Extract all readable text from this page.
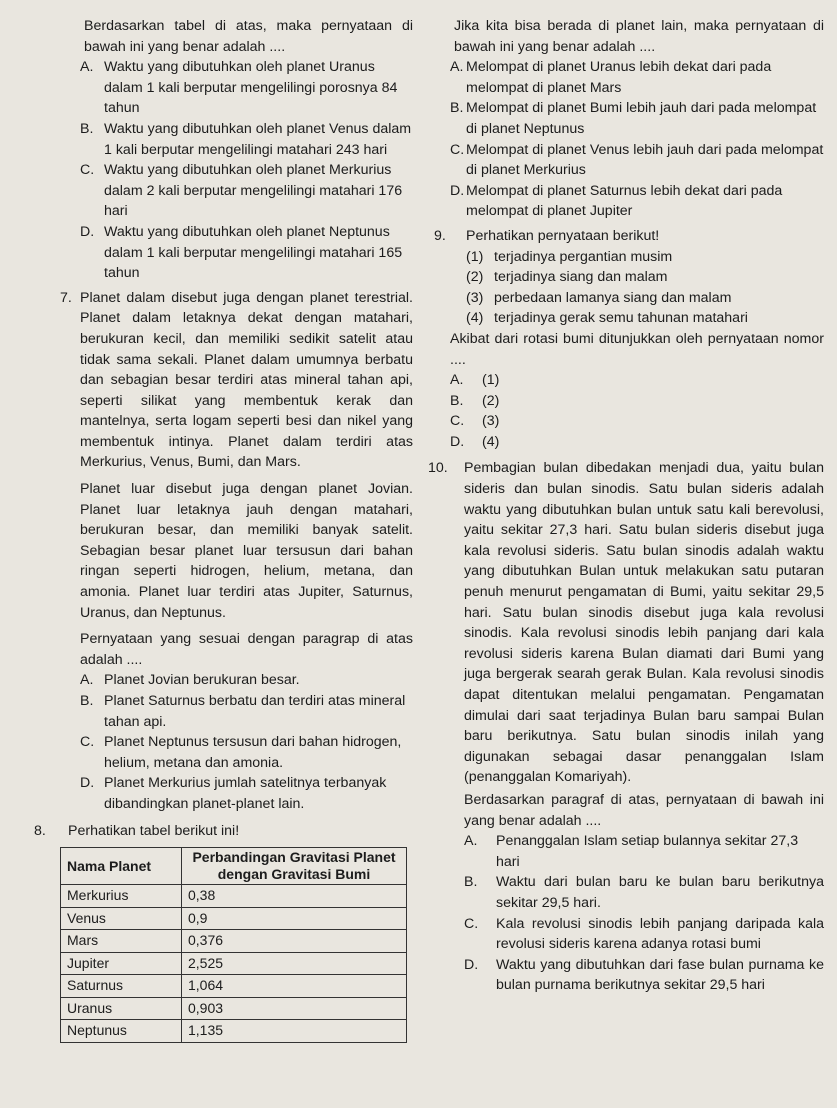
Berdasarkan tabel di atas, maka pernyataan di bawah ini yang benar adalah ....

A. Waktu yang dibutuhkan oleh planet Uranus dalam 1 kali berputar mengelilingi porosnya 84 tahun

B. Waktu yang dibutuhkan oleh planet Venus dalam 1 kali berputar mengelilingi matahari 243 hari

C. Waktu yang dibutuhkan oleh planet Merkurius dalam 2 kali berputar mengelilingi matahari 176 hari

D. Waktu yang dibutuhkan oleh planet Neptunus dalam 1 kali berputar mengelilingi matahari 165 tahun

7. Planet dalam disebut juga dengan planet terestrial. Planet dalam letaknya dekat dengan matahari, berukuran kecil, dan memiliki sedikit satelit atau tidak sama sekali. Planet dalam umumnya berbatu dan sebagian besar terdiri atas mineral tahan api, seperti silikat yang membentuk kerak dan mantelnya, serta logam seperti besi dan nikel yang membentuk intinya. Planet dalam terdiri atas Merkurius, Venus, Bumi, dan Mars.

Planet luar disebut juga dengan planet Jovian. Planet luar letaknya jauh dengan matahari, berukuran besar, dan memiliki banyak satelit. Sebagian besar planet luar tersusun dari bahan ringan seperti hidrogen, helium, metana, dan amonia. Planet luar terdiri atas Jupiter, Saturnus, Uranus, dan Neptunus.

Pernyataan yang sesuai dengan paragrap di atas adalah ....

A. Planet Jovian berukuran besar.

B. Planet Saturnus berbatu dan terdiri atas mineral tahan api.

C. Planet Neptunus tersusun dari bahan hidrogen, helium, metana dan amonia.

D. Planet Merkurius jumlah satelitnya terbanyak dibandingkan planet-planet lain.

8. Perhatikan tabel berikut ini!

Nama Planet	Perbandingan Gravitasi Planet dengan Gravitasi Bumi
Merkurius	0,38
Venus	0,9
Mars	0,376
Jupiter	2,525
Saturnus	1,064
Uranus	0,903
Neptunus	1,135

Jika kita bisa berada di planet lain, maka pernyataan di bawah ini yang benar adalah ....

A. Melompat di planet Uranus lebih dekat dari pada melompat di planet Mars

B. Melompat di planet Bumi lebih jauh dari pada melompat di planet Neptunus

C. Melompat di planet Venus lebih jauh dari pada melompat di planet Merkurius

D. Melompat di planet Saturnus lebih dekat dari pada melompat di planet Jupiter

9.	Perhatikan pernyataan berikut!

(1) terjadinya pergantian musim

(2) terjadinya siang dan malam

(3) perbedaan lamanya siang dan malam

(4) terjadinya gerak semu tahunan matahari

Akibat dari rotasi bumi ditunjukkan oleh pernyataan nomor ....

A. (1)

B. (2)

C. (3)

D. (4)

10. Pembagian bulan dibedakan menjadi dua, yaitu bulan sideris dan bulan sinodis. Satu bulan sideris adalah waktu yang dibutuhkan bulan untuk satu kali berevolusi, yaitu sekitar 27,3 hari. Satu bulan sideris disebut juga kala revolusi sideris. Satu bulan sinodis adalah waktu yang dibutuhkan Bulan untuk melakukan satu putaran penuh menurut pengamatan di Bumi, yaitu sekitar 29,5 hari. Satu bulan sinodis disebut juga kala revolusi sinodis. Kala revolusi sinodis lebih panjang dari kala revolusi sideris karena Bulan diamati dari Bumi yang juga bergerak searah gerak Bulan. Kala revolusi sinodis dapat ditentukan melalui pengamatan. Pengamatan dimulai dari saat terjadinya Bulan baru sampai Bulan baru berikutnya. Satu bulan sinodis inilah yang digunakan sebagai dasar penanggalan Islam (penanggalan Komariyah).

Berdasarkan paragraf di atas, pernyataan di bawah ini yang benar adalah ....

A. Penanggalan Islam setiap bulannya sekitar 27,3 hari

B. Waktu dari bulan baru ke bulan baru berikutnya sekitar 29,5 hari.

C. Kala revolusi sinodis lebih panjang daripada kala revolusi sideris karena adanya rotasi bumi

D. Waktu yang dibutuhkan dari fase bulan purnama ke bulan purnama berikutnya sekitar 29,5 hari
